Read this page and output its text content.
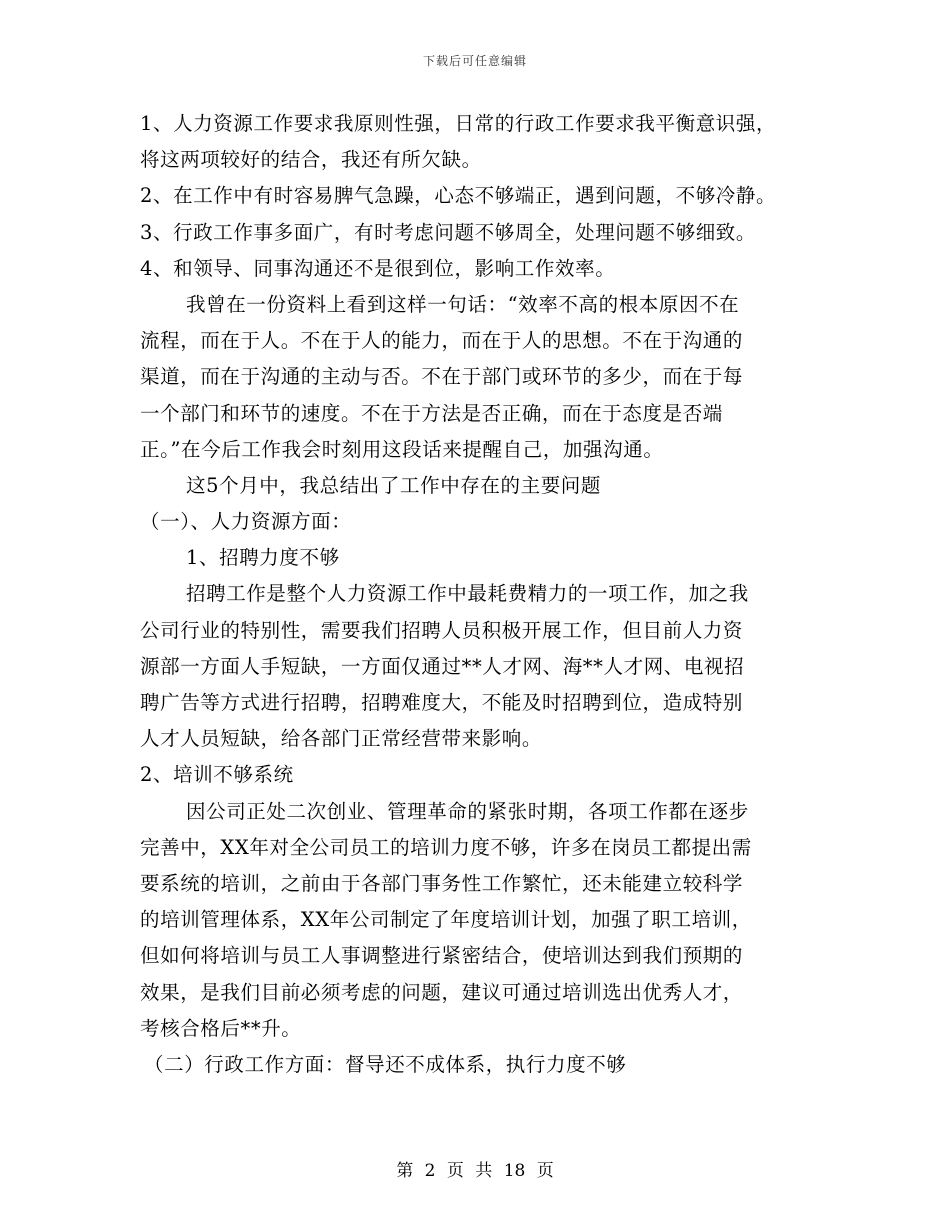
下载后可任意编辑
1、人力资源工作要求我原则性强，日常的行政工作要求我平衡意识强，
将这两项较好的结合，我还有所欠缺。
2、在工作中有时容易脾气急躁，心态不够端正，遇到问题，不够冷静。
3、行政工作事多面广，有时考虑问题不够周全，处理问题不够细致。
4、和领导、同事沟通还不是很到位，影响工作效率。
我曾在一份资料上看到这样一句话：“效率不高的根本原因不在
流程，而在于人。不在于人的能力，而在于人的思想。不在于沟通的
渠道，而在于沟通的主动与否。不在于部门或环节的多少，而在于每
一个部门和环节的速度。不在于方法是否正确，而在于态度是否端
正。”在今后工作我会时刻用这段话来提醒自己，加强沟通。
这5个月中，我总结出了工作中存在的主要问题
（一）、人力资源方面：
1、招聘力度不够
招聘工作是整个人力资源工作中最耗费精力的一项工作，加之我
公司行业的特别性，需要我们招聘人员积极开展工作，但目前人力资
源部一方面人手短缺，一方面仅通过**人才网、海**人才网、电视招
聘广告等方式进行招聘，招聘难度大，不能及时招聘到位，造成特别
人才人员短缺，给各部门正常经营带来影响。
2、培训不够系统
因公司正处二次创业、管理革命的紧张时期，各项工作都在逐步
完善中，XX年对全公司员工的培训力度不够，许多在岗员工都提出需
要系统的培训，之前由于各部门事务性工作繁忙，还未能建立较科学
的培训管理体系，XX年公司制定了年度培训计划，加强了职工培训，
但如何将培训与员工人事调整进行紧密结合，使培训达到我们预期的
效果，是我们目前必须考虑的问题，建议可通过培训选出优秀人才，
考核合格后**升。
（二）行政工作方面：督导还不成体系，执行力度不够
第 2 页 共 18 页
